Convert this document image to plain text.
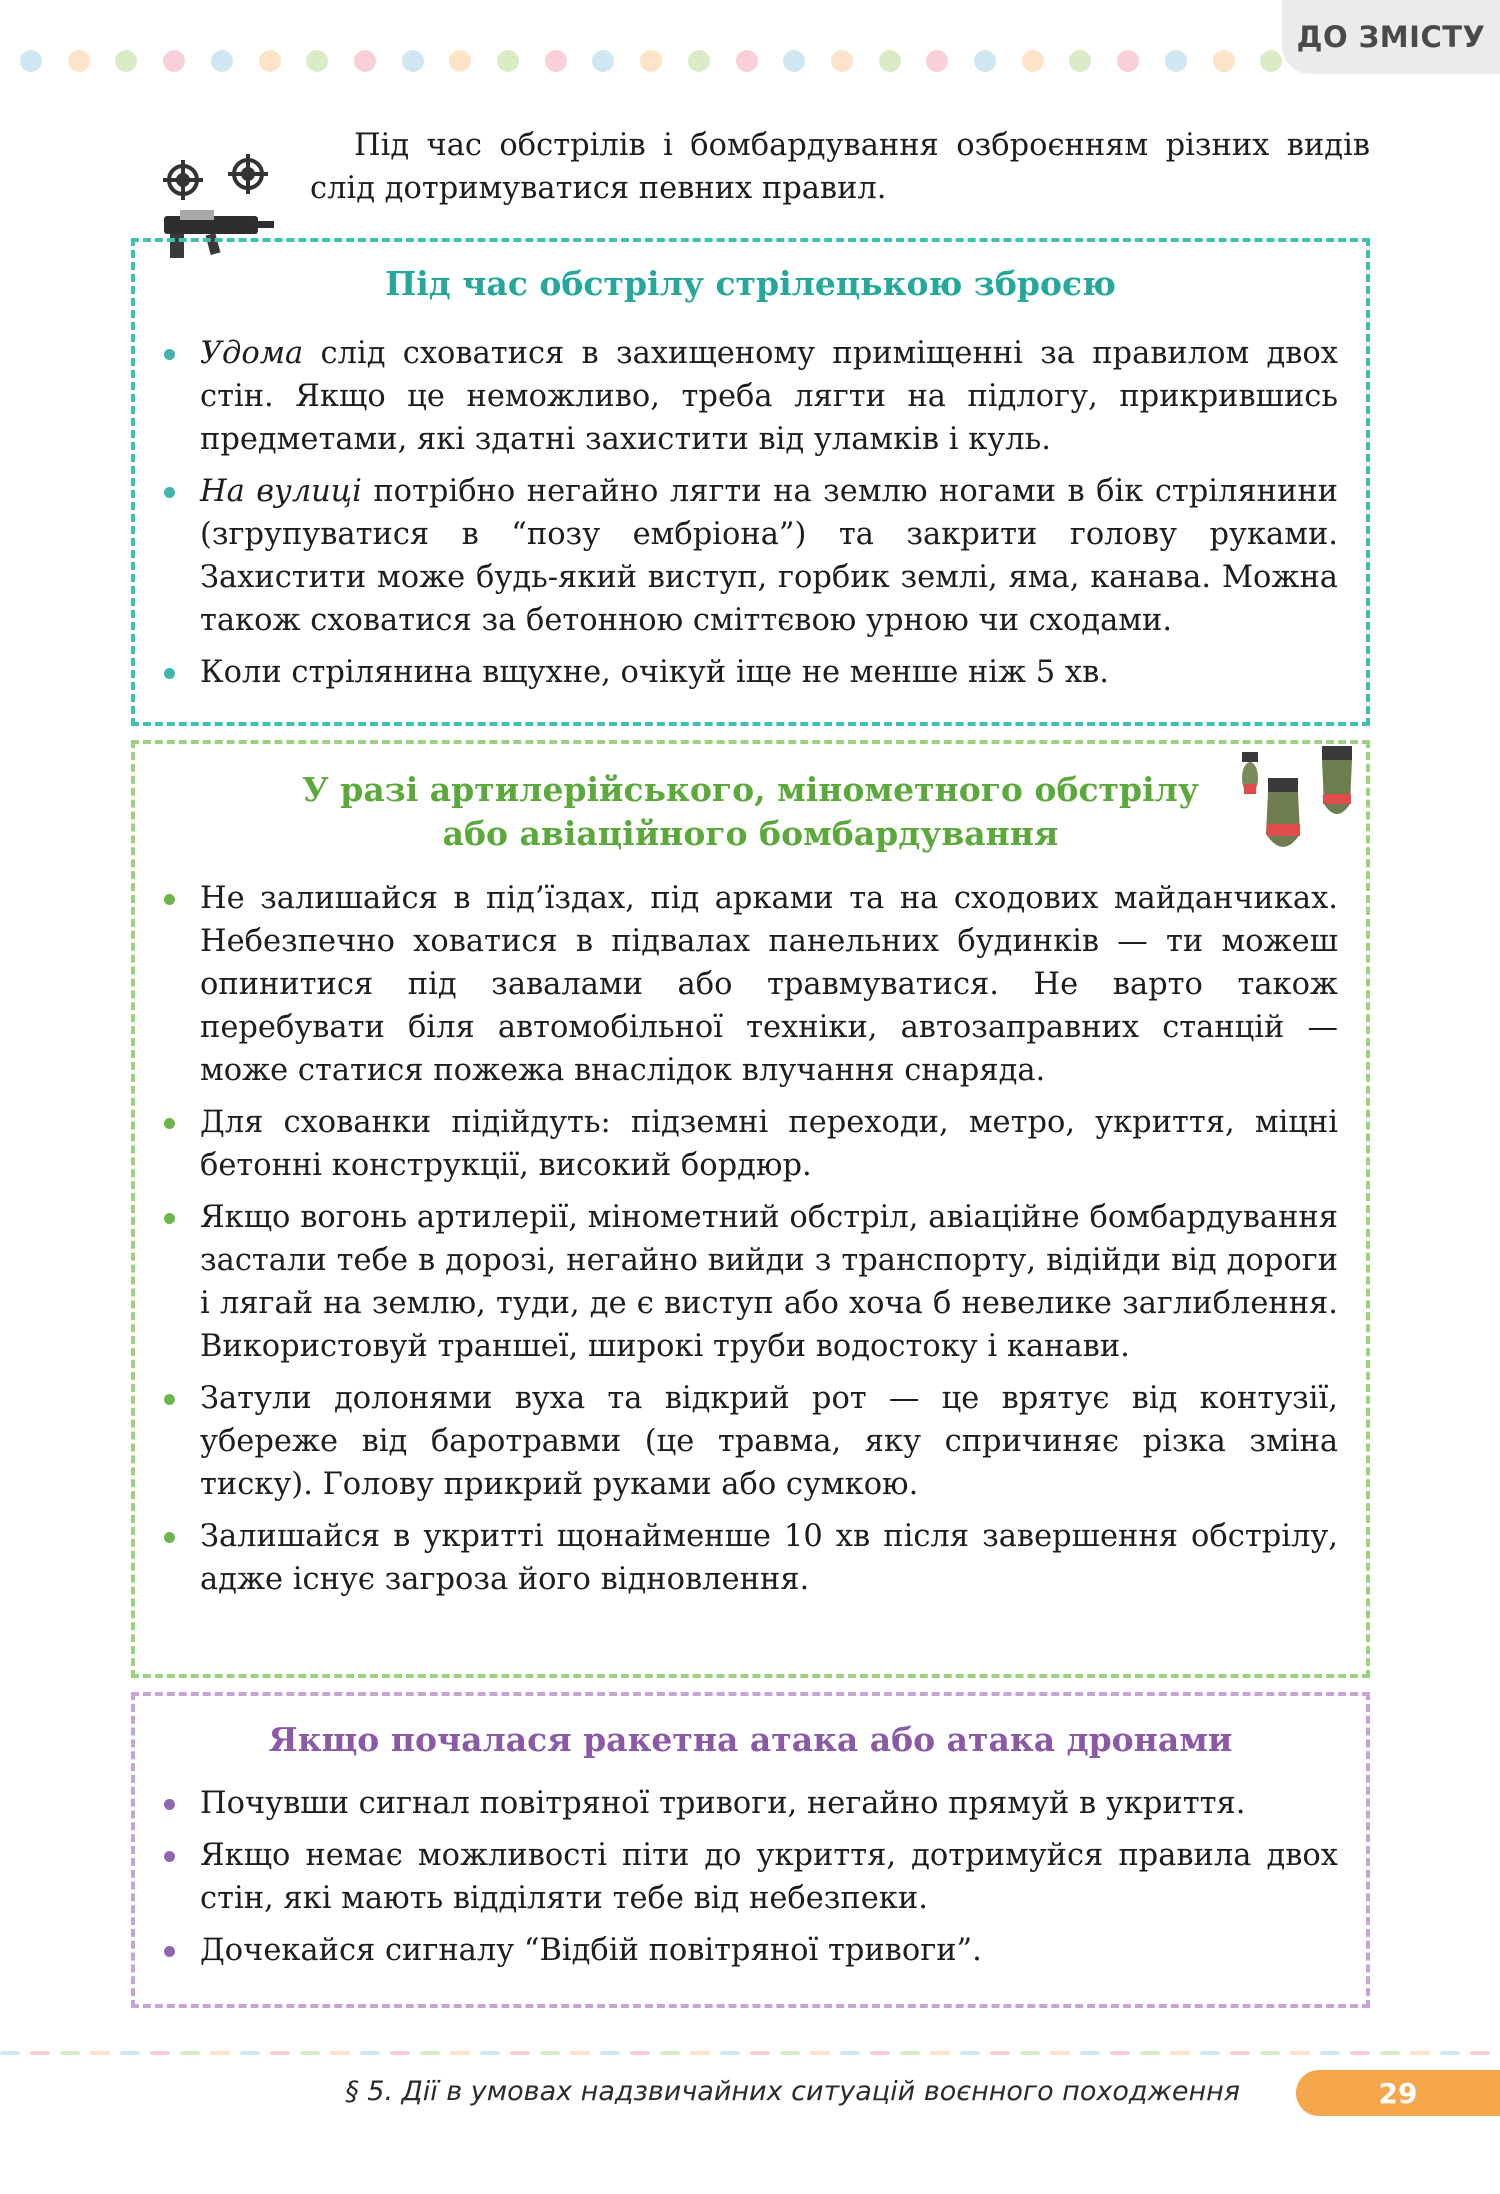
ДО ЗМІСТУ
Під час обстрілів і бомбардування озброєнням різних видів слід дотримуватися певних правил.
Під час обстрілу стрілецькою зброєю
Удома слід сховатися в захищеному приміщенні за правилом двох стін. Якщо це неможливо, треба лягти на підлогу, прикрившись предметами, які здатні захистити від уламків і куль.
На вулиці потрібно негайно лягти на землю ногами в бік стрілянини (згрупуватися в “позу ембріона”) та закрити голову руками. Захистити може будь-який виступ, горбик землі, яма, канава. Можна також сховатися за бетонною сміттєвою урною чи сходами.
Коли стрілянина вщухне, очікуй іще не менше ніж 5 хв.
У разі артилерійського, мінометного обстрілу
або авіаційного бомбардування
Не залишайся в під’їздах, під арками та на сходових майданчиках. Небезпечно ховатися в підвалах панельних будинків — ти можеш опинитися під завалами або травмуватися. Не варто також перебувати біля автомобільної техніки, автозаправних станцій — може статися пожежа внаслідок влучання снаряда.
Для схованки підійдуть: підземні переходи, метро, укриття, міцні бетонні конструкції, високий бордюр.
Якщо вогонь артилерії, мінометний обстріл, авіаційне бомбардування застали тебе в дорозі, негайно вийди з транспорту, відійди від дороги і лягай на землю, туди, де є виступ або хоча б невелике заглиблення. Використовуй траншеї, широкі труби водостоку і канави.
Затули долонями вуха та відкрий рот — це врятує від контузії, убереже від баротравми (це травма, яку спричиняє різка зміна тиску). Голову прикрий руками або сумкою.
Залишайся в укритті щонайменше 10 хв після завершення обстрілу, адже існує загроза його відновлення.
Якщо почалася ракетна атака або атака дронами
Почувши сигнал повітряної тривоги, негайно прямуй в укриття.
Якщо немає можливості піти до укриття, дотримуйся правила двох стін, які мають відділяти тебе від небезпеки.
Дочекайся сигналу “Відбій повітряної тривоги”.
§ 5. Дії в умовах надзвичайних ситуацій воєнного походження	29
